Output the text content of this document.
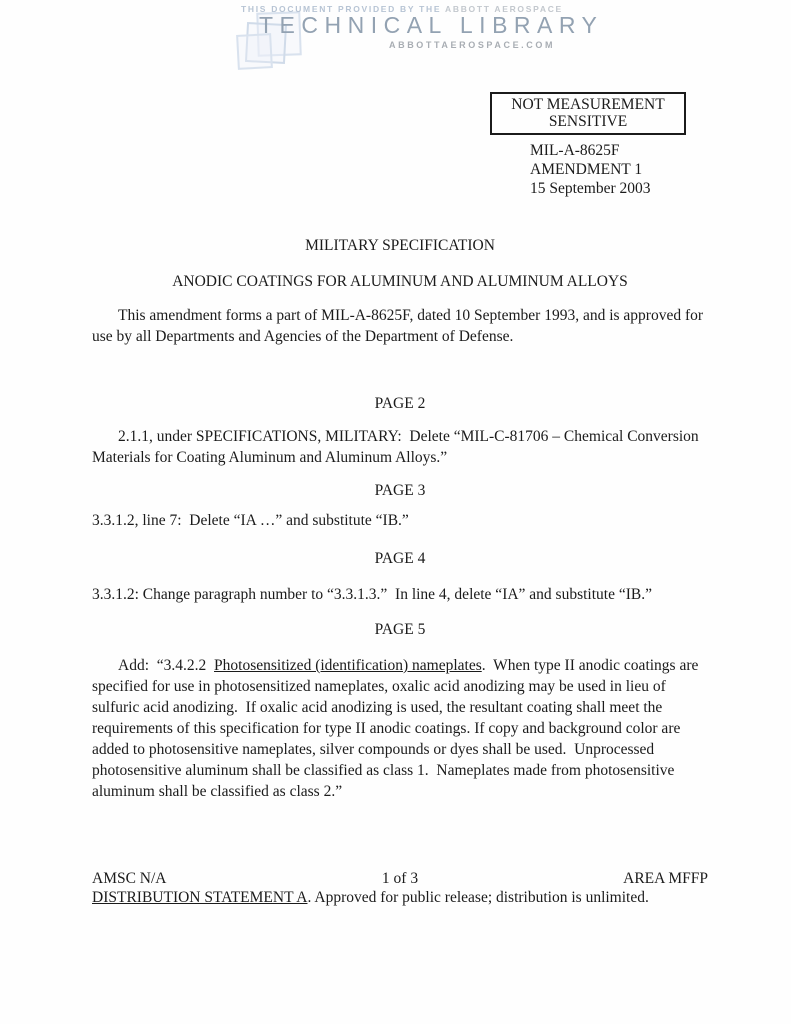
THIS DOCUMENT PROVIDED BY THE ABBOTT AEROSPACE
TECHNICAL LIBRARY
ABBOTTAEROSPACE.COM
NOT MEASUREMENT
SENSITIVE
MIL-A-8625F
AMENDMENT 1
15 September 2003

MILITARY SPECIFICATION

ANODIC COATINGS FOR ALUMINUM AND ALUMINUM ALLOYS

This amendment forms a part of MIL-A-8625F, dated 10 September 1993, and is approved for use by all Departments and Agencies of the Department of Defense.

PAGE 2

2.1.1, under SPECIFICATIONS, MILITARY:  Delete “MIL-C-81706 – Chemical Conversion Materials for Coating Aluminum and Aluminum Alloys.”

PAGE 3

3.3.1.2, line 7:  Delete “IA …” and substitute “IB.”

PAGE 4

3.3.1.2: Change paragraph number to “3.3.1.3.”  In line 4, delete “IA” and substitute “IB.”

PAGE 5

Add:  “3.4.2.2  Photosensitized (identification) nameplates.  When type II anodic coatings are specified for use in photosensitized nameplates, oxalic acid anodizing may be used in lieu of sulfuric acid anodizing.  If oxalic acid anodizing is used, the resultant coating shall meet the requirements of this specification for type II anodic coatings. If copy and background color are added to photosensitive nameplates, silver compounds or dyes shall be used.  Unprocessed photosensitive aluminum shall be classified as class 1.  Nameplates made from photosensitive aluminum shall be classified as class 2.”

AMSC N/A	1 of 3	AREA MFFP
DISTRIBUTION STATEMENT A. Approved for public release; distribution is unlimited.
